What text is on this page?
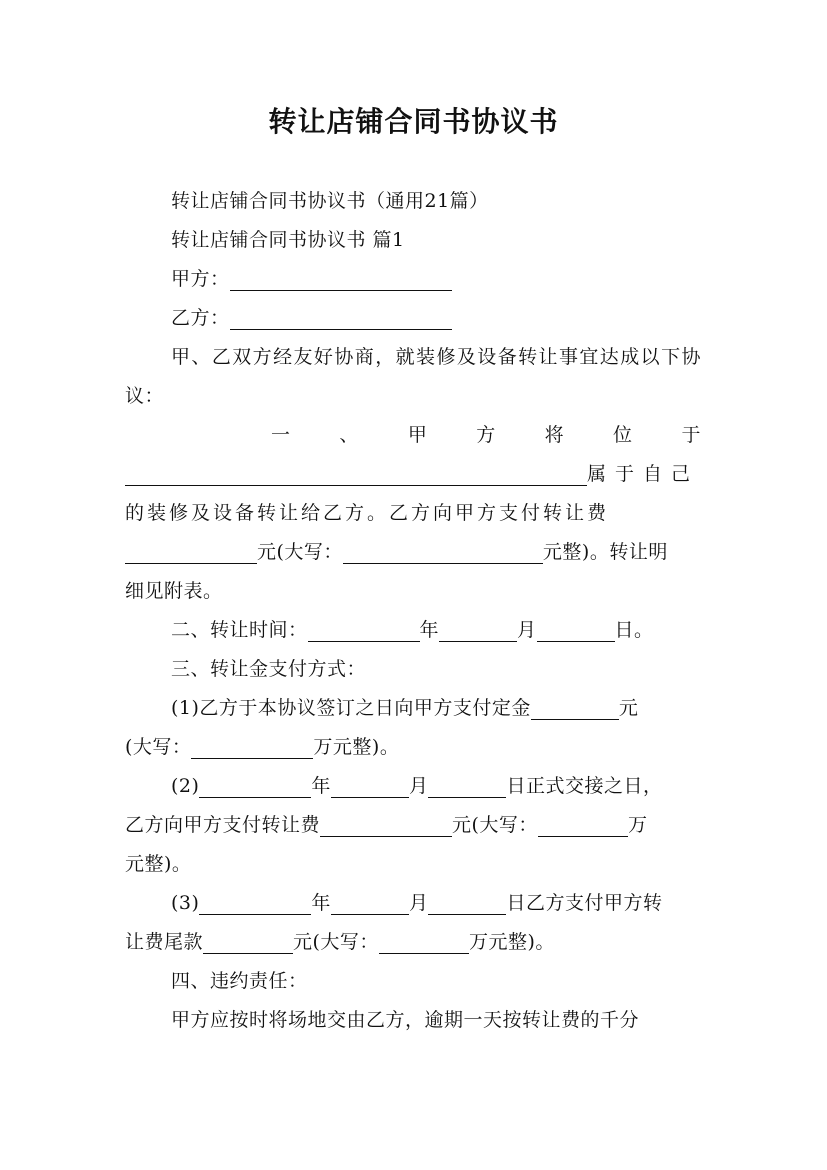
转让店铺合同书协议书

转让店铺合同书协议书（通用21篇）

转让店铺合同书协议书 篇1

甲方：

乙方：

甲、乙双方经友好协商，就装修及设备转让事宜达成以下协议：

一	、	甲	方	将	位	于

属于自己

的装修及设备转让给乙方。乙方向甲方支付转让费

元(大写：	元整)。转让明

细见附表。

二、转让时间：	年	月	日。

三、转让金支付方式：

(1)乙方于本协议签订之日向甲方支付定金	元

(大写：	万元整)。

(2)	年	月	日正式交接之日，

乙方向甲方支付转让费	元(大写：	万

元整)。

(3)	年	月	日乙方支付甲方转

让费尾款	元(大写：	万元整)。

四、违约责任：

甲方应按时将场地交由乙方，逾期一天按转让费的千分
